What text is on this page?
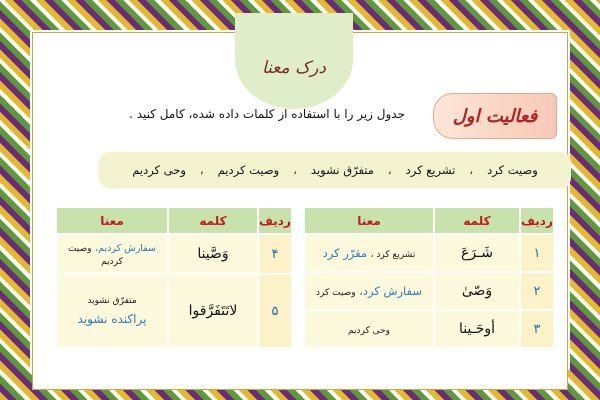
درک معنا
فعالیت اول
جدول زیر را با استفاده از کلمات داده شده، کامل کنید .
وحی کردیم ، وصیت کردیم ، متفرّق نشوید ، تشریع کرد ، وصیت کرد
ردیف	کلمه	معنا
۱	شَـرَعَ	تشریع کرد ، مقرّر کرد
۲	وَصّیٰ	سفارش کرد، وصیت کرد
۳	أوحَـینا	وحی کردیم
ردیف	کلمه	معنا
۴	وَصَّینا	سفارش کردیم، وصیت کردیم
۵	لاتَتَفَرَّقوا	متفرّق نشوید
پراکنده نشوید
